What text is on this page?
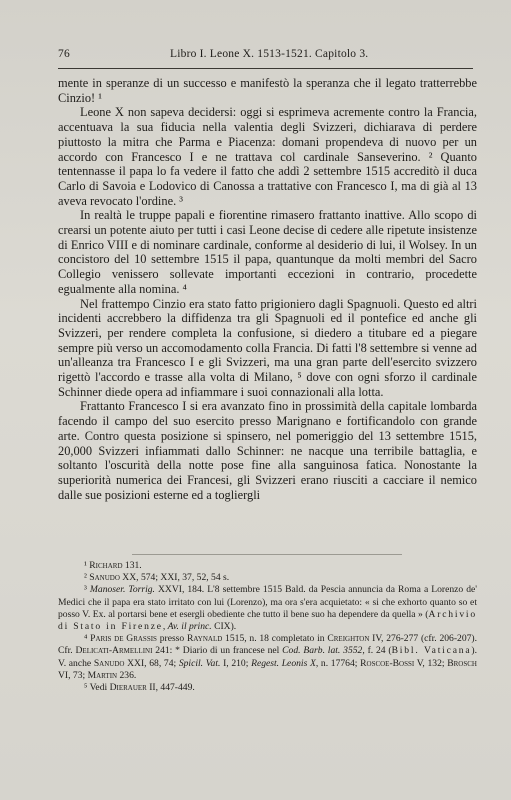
76	Libro I. Leone X. 1513-1521. Capitolo 3.

mente in speranze di un successo e manifestò la speranza che il legato tratterrebbe Cinzio! ¹

Leone X non sapeva decidersi: oggi si esprimeva acremente contro la Francia, accentuava la sua fiducia nella valentia degli Svizzeri, dichiarava di perdere piuttosto la mitra che Parma e Piacenza: domani propendeva di nuovo per un accordo con Francesco I e ne trattava col cardinale Sanseverino. ² Quanto tentennasse il papa lo fa vedere il fatto che addì 2 settembre 1515 accreditò il duca Carlo di Savoia e Lodovico di Canossa a trattative con Francesco I, ma di già al 13 aveva revocato l'ordine. ³

In realtà le truppe papali e fiorentine rimasero frattanto inattive. Allo scopo di crearsi un potente aiuto per tutti i casi Leone decise di cedere alle ripetute insistenze di Enrico VIII e di nominare cardinale, conforme al desiderio di lui, il Wolsey. In un concistoro del 10 settembre 1515 il papa, quantunque da molti membri del Sacro Collegio venissero sollevate importanti eccezioni in contrario, procedette egualmente alla nomina. ⁴

Nel frattempo Cinzio era stato fatto prigioniero dagli Spagnuoli. Questo ed altri incidenti accrebbero la diffidenza tra gli Spagnuoli ed il pontefice ed anche gli Svizzeri, per rendere completa la confusione, si diedero a titubare ed a piegare sempre più verso un accomodamento colla Francia. Di fatti l'8 settembre si venne ad un'alleanza tra Francesco I e gli Svizzeri, ma una gran parte dell'esercito svizzero rigettò l'accordo e trasse alla volta di Milano, ⁵ dove con ogni sforzo il cardinale Schinner diede opera ad infiammare i suoi connazionali alla lotta.

Frattanto Francesco I si era avanzato fino in prossimità della capitale lombarda facendo il campo del suo esercito presso Marignano e fortificandolo con grande arte. Contro questa posizione si spinsero, nel pomeriggio del 13 settembre 1515, 20,000 Svizzeri infiammati dallo Schinner: ne nacque una terribile battaglia, e soltanto l'oscurità della notte pose fine alla sanguinosa fatica. Nonostante la superiorità numerica dei Francesi, gli Svizzeri erano riusciti a cacciare il nemico dalle sue posizioni esterne ed a togliergli

¹ Richard 131.

² Sanudo XX, 574; XXI, 37, 52, 54 s.

³ Manoser. Torrig. XXVI, 184. L'8 settembre 1515 Bald. da Pescia annuncia da Roma a Lorenzo de' Medici che il papa era stato irritato con lui (Lorenzo), ma ora s'era acquietato: « si che exhorto quanto so et posso V. Ex. al portarsi bene et esergli obediente che tutto il bene suo ha dependere da quella » (Archivio di Stato in Firenze, Av. il princ. CIX).

⁴ Paris de Grassis presso Raynald 1515, n. 18 completato in Creighton IV, 276-277 (cfr. 206-207). Cfr. Delicati-Armellini 241: * Diario di un francese nel Cod. Barb. lat. 3552, f. 24 (Bibl. Vaticana). V. anche Sanudo XXI, 68, 74; Spicil. Vat. I, 210; Regest. Leonis X, n. 17764; Roscoe-Bossi V, 132; Brosch VI, 73; Martin 236.

⁵ Vedi Dierauer II, 447-449.
